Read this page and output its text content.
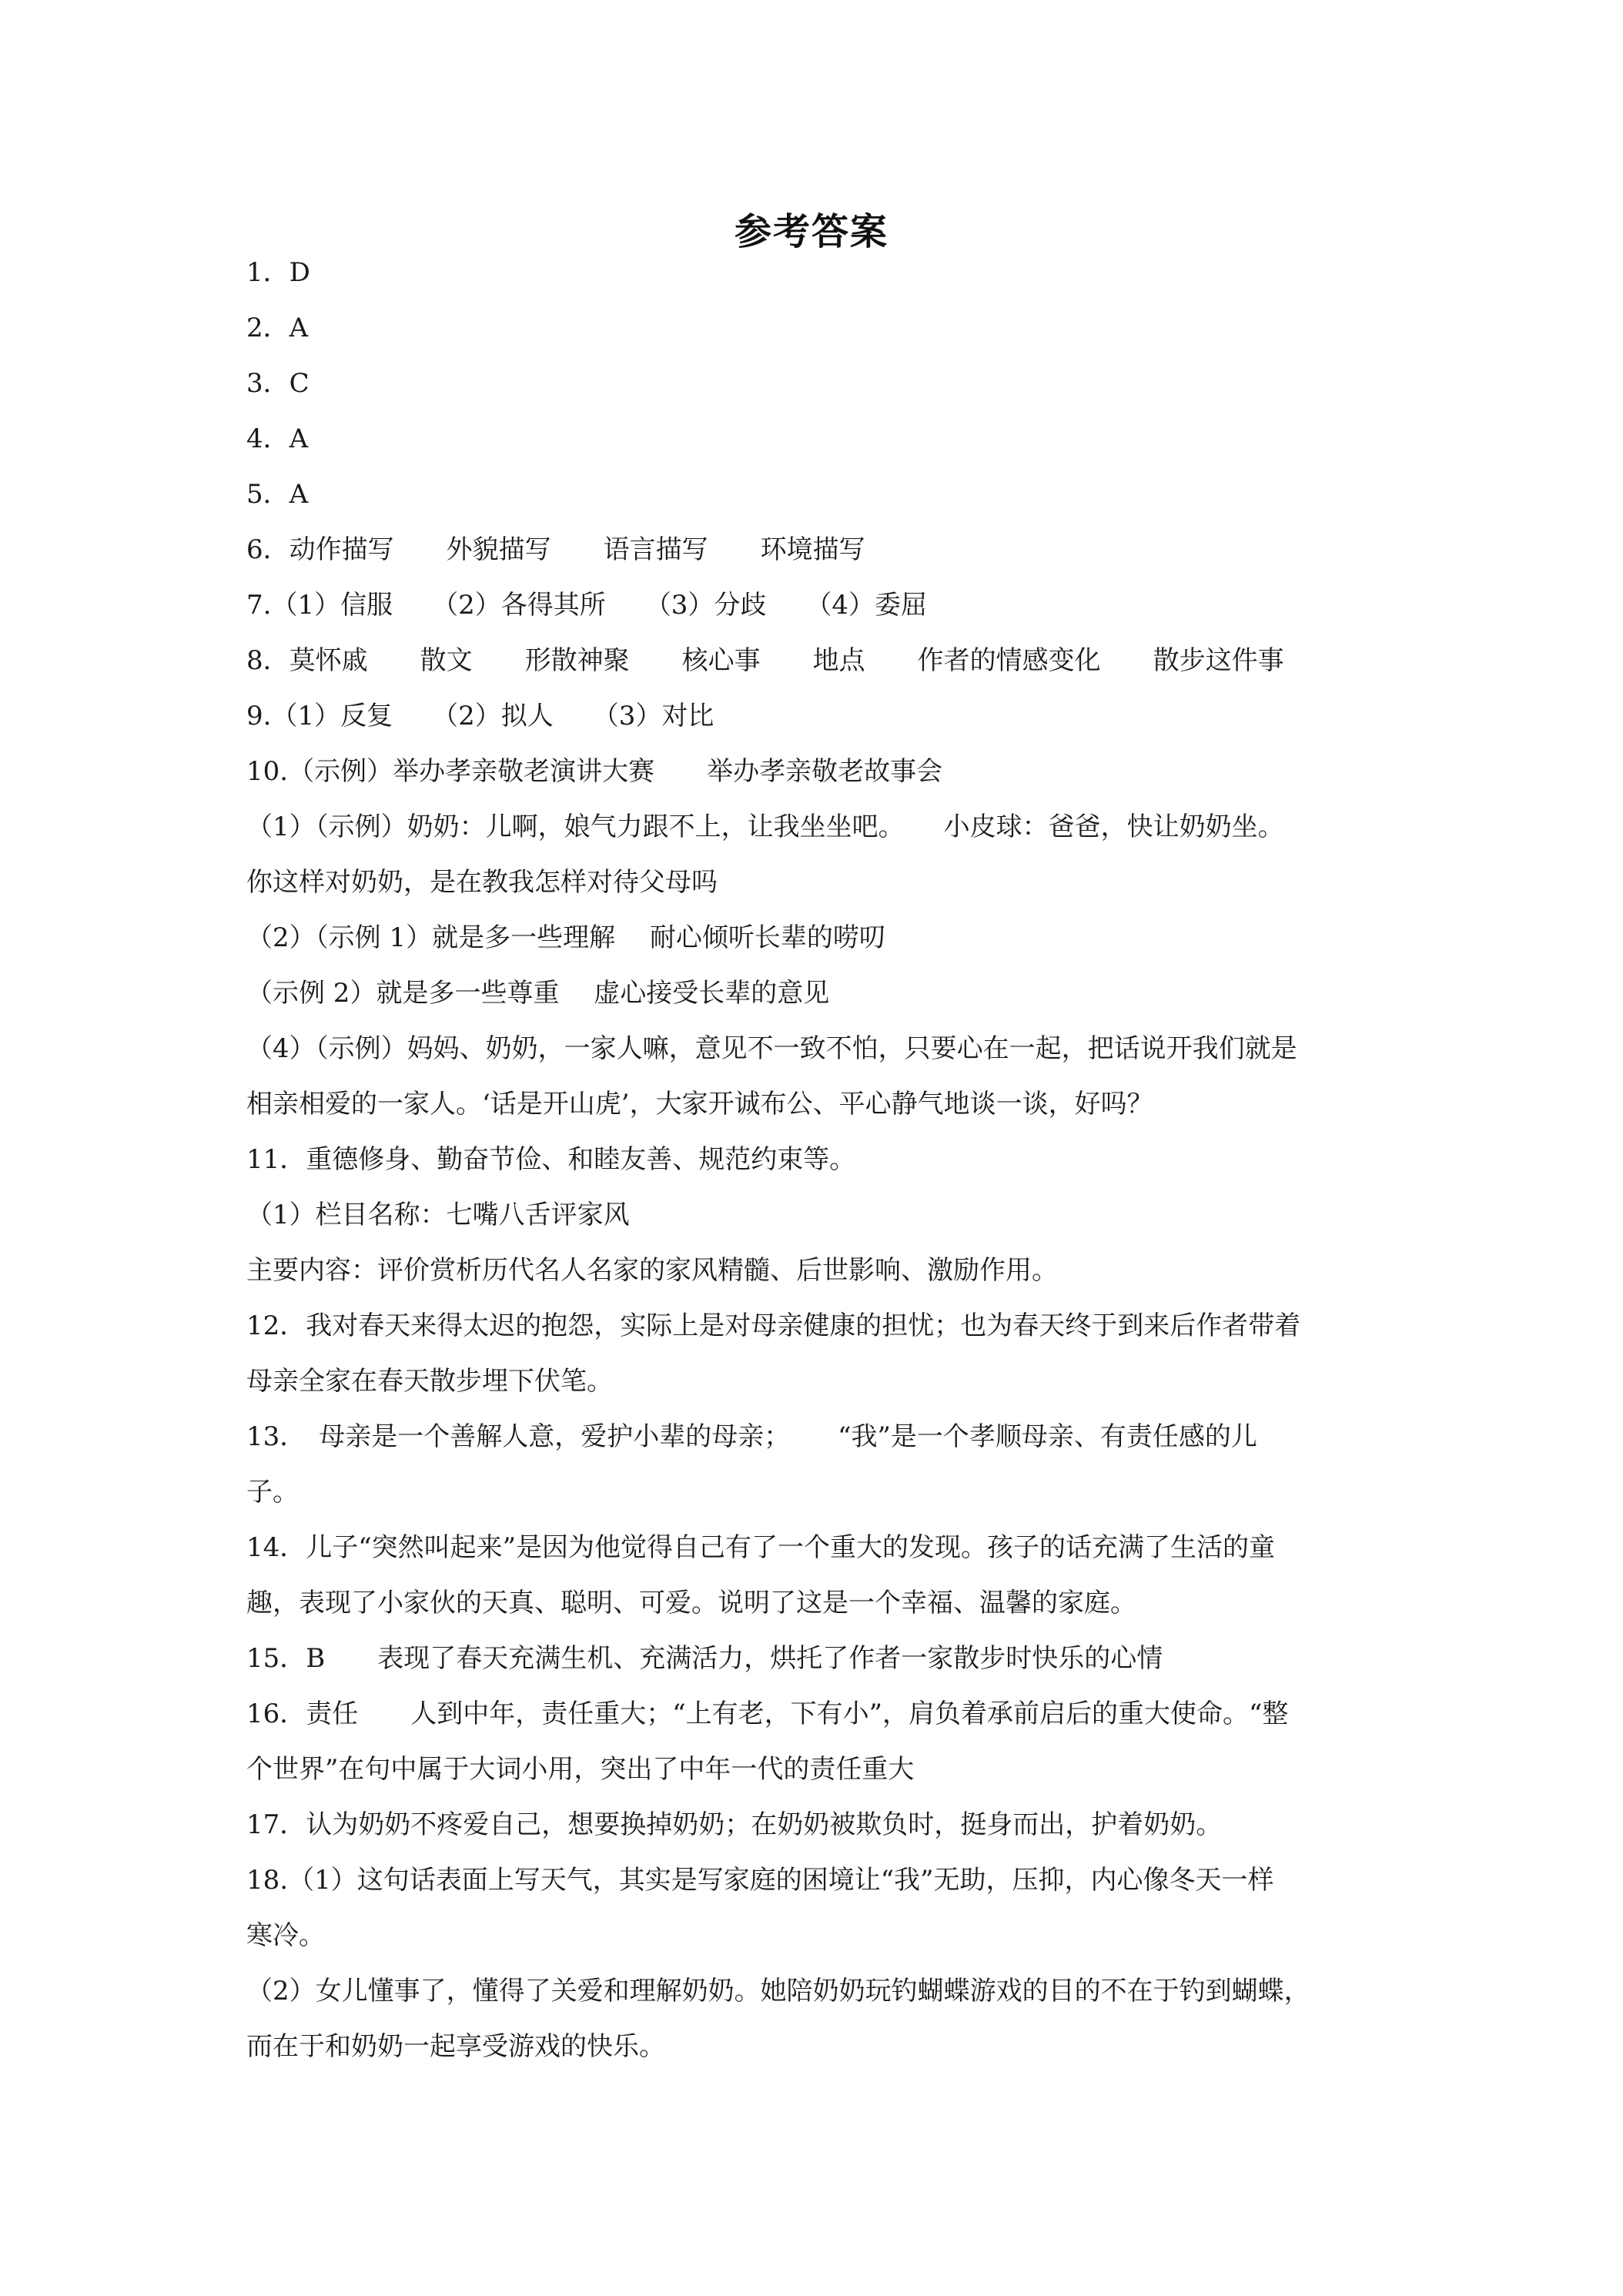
参考答案
1．D
2．A
3．C
4．A
5．A
6．动作描写　　外貌描写　　语言描写　　环境描写
7.（1）信服　　（2）各得其所　　（3）分歧　　（4）委屈
8．莫怀戚　　散文　　形散神聚　　核心事　　地点　　作者的情感变化　　散步这件事
9.（1）反复　　（2）拟人　　（3）对比
10.（示例）举办孝亲敬老演讲大赛　　举办孝亲敬老故事会
（1）（示例）奶奶：儿啊，娘气力跟不上，让我坐坐吧。　　小皮球：爸爸，快让奶奶坐。
你这样对奶奶，是在教我怎样对待父母吗
（2）（示例 1）就是多一些理解　 耐心倾听长辈的唠叨
（示例 2）就是多一些尊重　 虚心接受长辈的意见
（4）（示例）妈妈、奶奶，一家人嘛，意见不一致不怕，只要心在一起，把话说开我们就是
相亲相爱的一家人。‘话是开山虎’，大家开诚布公、平心静气地谈一谈，好吗？
11．重德修身、勤奋节俭、和睦友善、规范约束等。
（1）栏目名称：七嘴八舌评家风
主要内容：评价赏析历代名人名家的家风精髓、后世影响、激励作用。
12．我对春天来得太迟的抱怨，实际上是对母亲健康的担忧；也为春天终于到来后作者带着
母亲全家在春天散步埋下伏笔。
13．　母亲是一个善解人意，爱护小辈的母亲；　　 “我”是一个孝顺母亲、有责任感的儿
子。
14．儿子“突然叫起来”是因为他觉得自己有了一个重大的发现。孩子的话充满了生活的童
趣，表现了小家伙的天真、聪明、可爱。说明了这是一个幸福、温馨的家庭。
15．B　　表现了春天充满生机、充满活力，烘托了作者一家散步时快乐的心情
16．责任　　人到中年，责任重大；“上有老，下有小”，肩负着承前启后的重大使命。“整
个世界”在句中属于大词小用，突出了中年一代的责任重大
17．认为奶奶不疼爱自己，想要换掉奶奶；在奶奶被欺负时，挺身而出，护着奶奶。
18.（1）这句话表面上写天气，其实是写家庭的困境让“我”无助，压抑，内心像冬天一样
寒冷。
（2）女儿懂事了，懂得了关爱和理解奶奶。她陪奶奶玩钓蝴蝶游戏的目的不在于钓到蝴蝶，
而在于和奶奶一起享受游戏的快乐。
